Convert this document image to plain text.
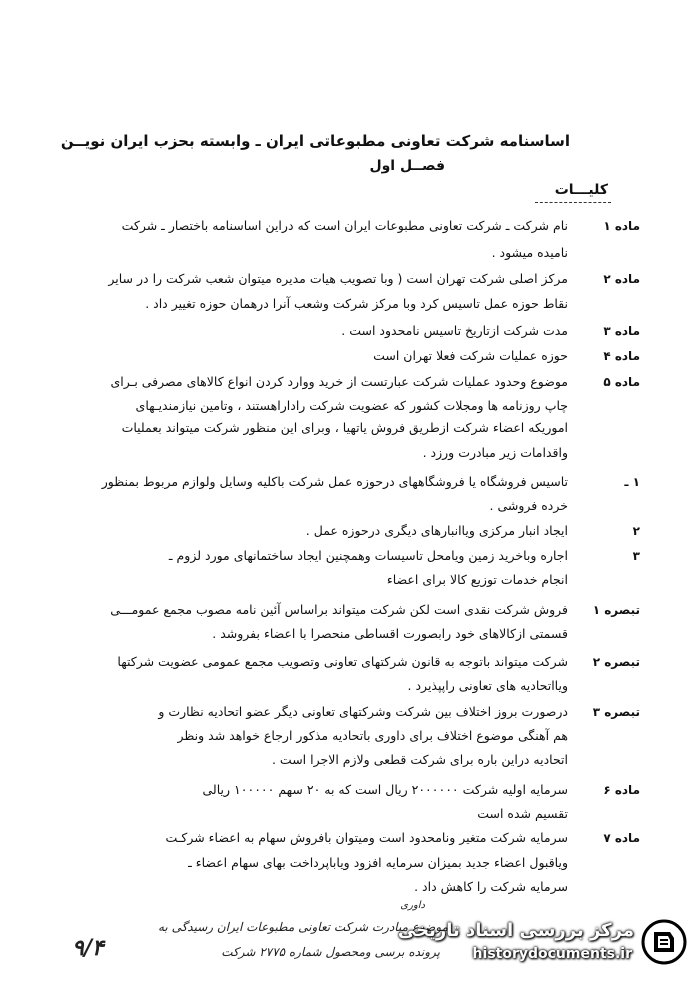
اساسنامه شرکت تعاونی مطبوعاتی ایران ـ وابسته بحزب ایران نویــن
فصــل اول
کلیـــات
ماده ۱
نام شرکت ـ شرکت تعاونی مطبوعات ایران است که دراین اساسنامه باختصار ـ شرکت
نامیده میشود .
ماده ۲
مرکز اصلی شرکت تهران است ( وبا تصویب هیات مدیره میتوان شعب شرکت را در سایر
نقاط حوزه عمل تاسیس کرد وبا مرکز شرکت وشعب آنرا درهمان حوزه تغییر داد .
ماده ۳
مدت شرکت ازتاریخ تاسیس نامحدود است .
ماده ۴
حوزه عملیات شرکت فعلا تهران است
ماده ۵
موضوع وحدود عملیات شرکت عبارتست از خرید ووارد کردن انواع کالاهای مصرفی بـرای
چاپ روزنامه ها ومجلات کشور که عضویت شرکت راداراهستند ، وتامین نیازمندیـهای
اموریکه اعضاء شرکت ازطریق فروش یاتهیا ، وبرای این منظور شرکت میتواند بعملیات
واقدامات زیر مبادرت ورزد .
۱ ـ
تاسیس فروشگاه یا فروشگاههای درحوزه عمل شرکت باکلیه وسایل ولوازم مربوط بمنظور
خرده فروشی .
۲
ایجاد انبار مرکزی ویاانبارهای دیگری درحوزه عمل .
۳
اجاره وباخرید زمین ویامحل تاسیسات وهمچنین ایجاد ساختمانهای مورد لزوم ـ
انجام خدمات توزیع کالا برای اعضاء
تبصره ۱
فروش شرکت نقدی است لکن شرکت میتواند براساس آئین نامه مصوب مجمع عمومـــی
قسمتی ازکالاهای خود رابصورت اقساطی منحصرا با اعضاء بفروشد .
تبصره ۲
شرکت میتواند باتوجه به قانون شرکتهای تعاونی وتصویب مجمع عمومی عضویت شرکتها
ویااتحادیه های تعاونی راپپذیرد .
تبصره ۳
درصورت بروز اختلاف بین شرکت وشرکتهای تعاونی دیگر عضو اتحادیه نظارت و
هم آهنگی موضوع اختلاف برای داوری باتحادیه مذکور ارجاع خواهد شد ونظر
اتحادیه دراین باره برای شرکت قطعی ولازم الاجرا است .
ماده ۶
سرمایه اولیه شرکت ۲۰۰۰۰۰۰ ریال است که به ۲۰ سهم ۱۰۰۰۰۰ ریالی
تقسیم شده است
ماده ۷
سرمایه شرکت متغیر ونامحدود است ومیتوان بافروش سهام به اعضاء شرکـت
ویاقبول اعضاء جدید بمیزان سرمایه افزود ویاباپرداخت بهای سهام اعضاء ـ
سرمایه شرکت را کاهش داد .
داوری
موضوع مبادرت شرکت تعاونی مطبوعات ایران رسیدگی به
پرونده برسی ومحصول شماره ۲۷۷۵ شرکت
۹/۴
مرکز بررسی اسناد تاریخی
historydocuments.ir
